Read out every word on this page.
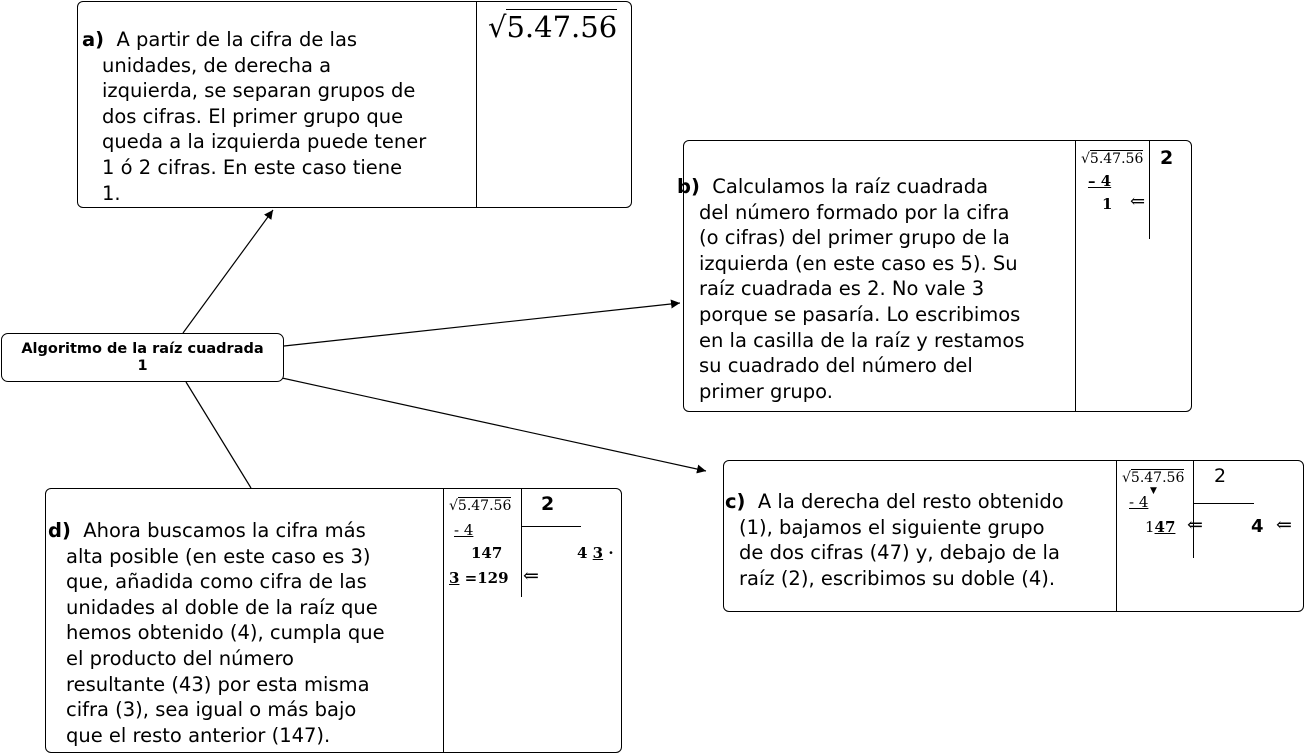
Algoritmo de la raíz cuadrada
1
a) A partir de la cifra de las
unidades, de derecha a
izquierda, se separan grupos de
dos cifras. El primer grupo que
queda a la izquierda puede tener
1 ó 2 cifras. En este caso tiene
1.
√5.47.56
b) Calculamos la raíz cuadrada
del número formado por la cifra
(o cifras) del primer grupo de la
izquierda (en este caso es 5). Su
raíz cuadrada es 2. No vale 3
porque se pasaría. Lo escribimos
en la casilla de la raíz y restamos
su cuadrado del número del
primer grupo.
√5.47.56 2
– 4
1 ⇐
c) A la derecha del resto obtenido
(1), bajamos el siguiente grupo
de dos cifras (47) y, debajo de la
raíz (2), escribimos su doble (4).
√5.47.56
▼
2
- 4
147 ⇐	4 ⇐
d) Ahora buscamos la cifra más
alta posible (en este caso es 3)
que, añadida como cifra de las
unidades al doble de la raíz que
hemos obtenido (4), cumpla que
el producto del número
resultante (43) por esta misma
cifra (3), sea igual o más bajo
que el resto anterior (147).
√5.47.56 2
- 4
147	4 3 ·
3 =129 ⇐
